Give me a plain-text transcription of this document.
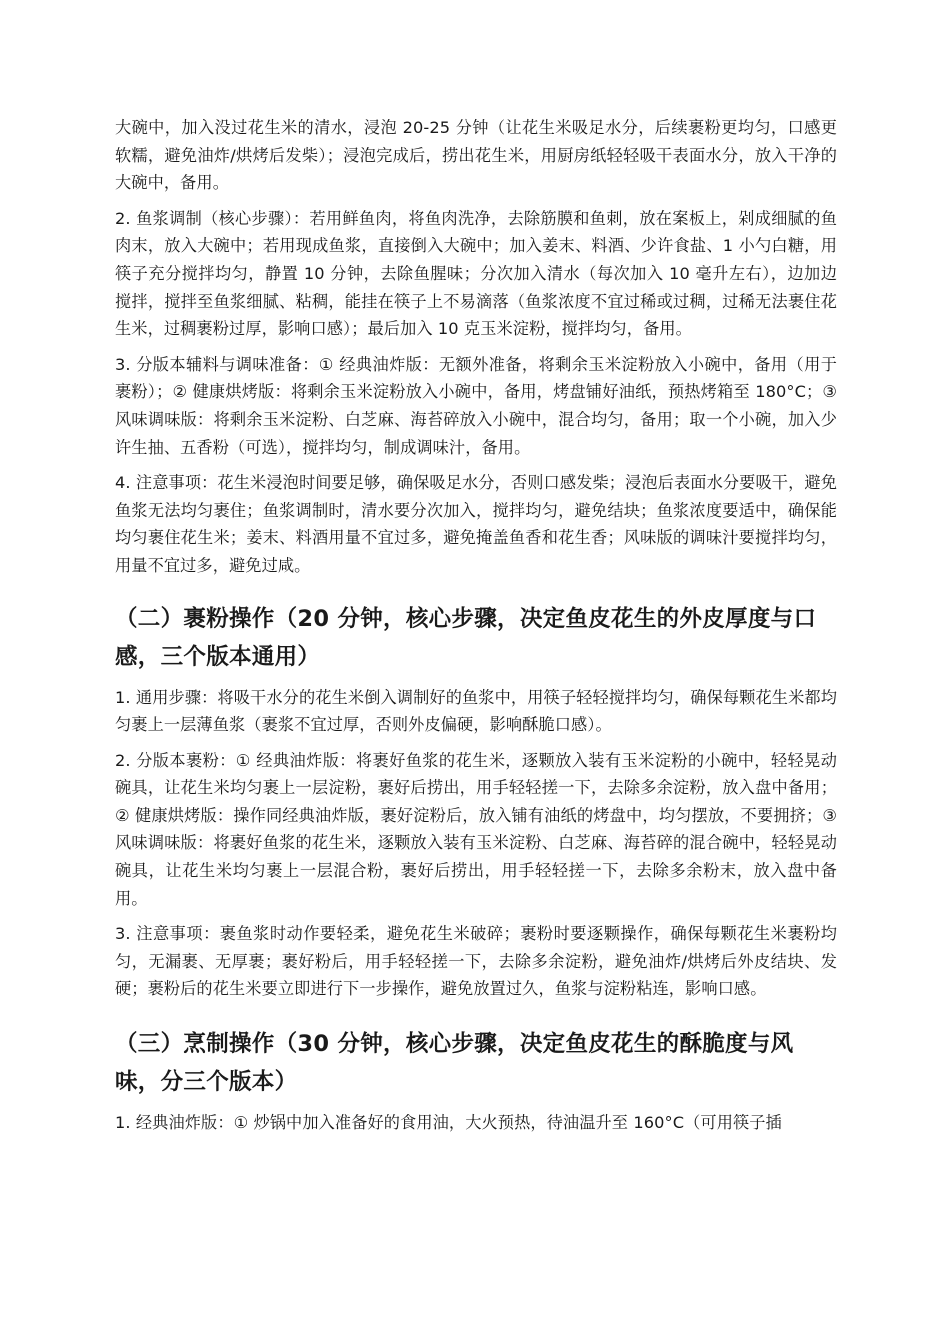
大碗中，加入没过花生米的清水，浸泡 20-25 分钟（让花生米吸足水分，后续裹粉更均匀，口感更软糯，避免油炸/烘烤后发柴）；浸泡完成后，捞出花生米，用厨房纸轻轻吸干表面水分，放入干净的大碗中，备用。

2. 鱼浆调制（核心步骤）：若用鲜鱼肉，将鱼肉洗净，去除筋膜和鱼刺，放在案板上，剁成细腻的鱼肉末，放入大碗中；若用现成鱼浆，直接倒入大碗中；加入姜末、料酒、少许食盐、1 小勺白糖，用筷子充分搅拌均匀，静置 10 分钟，去除鱼腥味；分次加入清水（每次加入 10 毫升左右），边加边搅拌，搅拌至鱼浆细腻、粘稠，能挂在筷子上不易滴落（鱼浆浓度不宜过稀或过稠，过稀无法裹住花生米，过稠裹粉过厚，影响口感）；最后加入 10 克玉米淀粉，搅拌均匀，备用。

3. 分版本辅料与调味准备：① 经典油炸版：无额外准备，将剩余玉米淀粉放入小碗中，备用（用于裹粉）；② 健康烘烤版：将剩余玉米淀粉放入小碗中，备用，烤盘铺好油纸，预热烤箱至 180°C；③ 风味调味版：将剩余玉米淀粉、白芝麻、海苔碎放入小碗中，混合均匀，备用；取一个小碗，加入少许生抽、五香粉（可选），搅拌均匀，制成调味汁，备用。

4. 注意事项：花生米浸泡时间要足够，确保吸足水分，否则口感发柴；浸泡后表面水分要吸干，避免鱼浆无法均匀裹住；鱼浆调制时，清水要分次加入，搅拌均匀，避免结块；鱼浆浓度要适中，确保能均匀裹住花生米；姜末、料酒用量不宜过多，避免掩盖鱼香和花生香；风味版的调味汁要搅拌均匀，用量不宜过多，避免过咸。

（二）裹粉操作（20 分钟，核心步骤，决定鱼皮花生的外皮厚度与口感，三个版本通用）

1. 通用步骤：将吸干水分的花生米倒入调制好的鱼浆中，用筷子轻轻搅拌均匀，确保每颗花生米都均匀裹上一层薄鱼浆（裹浆不宜过厚，否则外皮偏硬，影响酥脆口感）。

2. 分版本裹粉：① 经典油炸版：将裹好鱼浆的花生米，逐颗放入装有玉米淀粉的小碗中，轻轻晃动碗具，让花生米均匀裹上一层淀粉，裹好后捞出，用手轻轻搓一下，去除多余淀粉，放入盘中备用；② 健康烘烤版：操作同经典油炸版，裹好淀粉后，放入铺有油纸的烤盘中，均匀摆放，不要拥挤；③ 风味调味版：将裹好鱼浆的花生米，逐颗放入装有玉米淀粉、白芝麻、海苔碎的混合碗中，轻轻晃动碗具，让花生米均匀裹上一层混合粉，裹好后捞出，用手轻轻搓一下，去除多余粉末，放入盘中备用。

3. 注意事项：裹鱼浆时动作要轻柔，避免花生米破碎；裹粉时要逐颗操作，确保每颗花生米裹粉均匀，无漏裹、无厚裹；裹好粉后，用手轻轻搓一下，去除多余淀粉，避免油炸/烘烤后外皮结块、发硬；裹粉后的花生米要立即进行下一步操作，避免放置过久，鱼浆与淀粉粘连，影响口感。

（三）烹制操作（30 分钟，核心步骤，决定鱼皮花生的酥脆度与风味，分三个版本）

1. 经典油炸版：① 炒锅中加入准备好的食用油，大火预热，待油温升至 160°C（可用筷子插
